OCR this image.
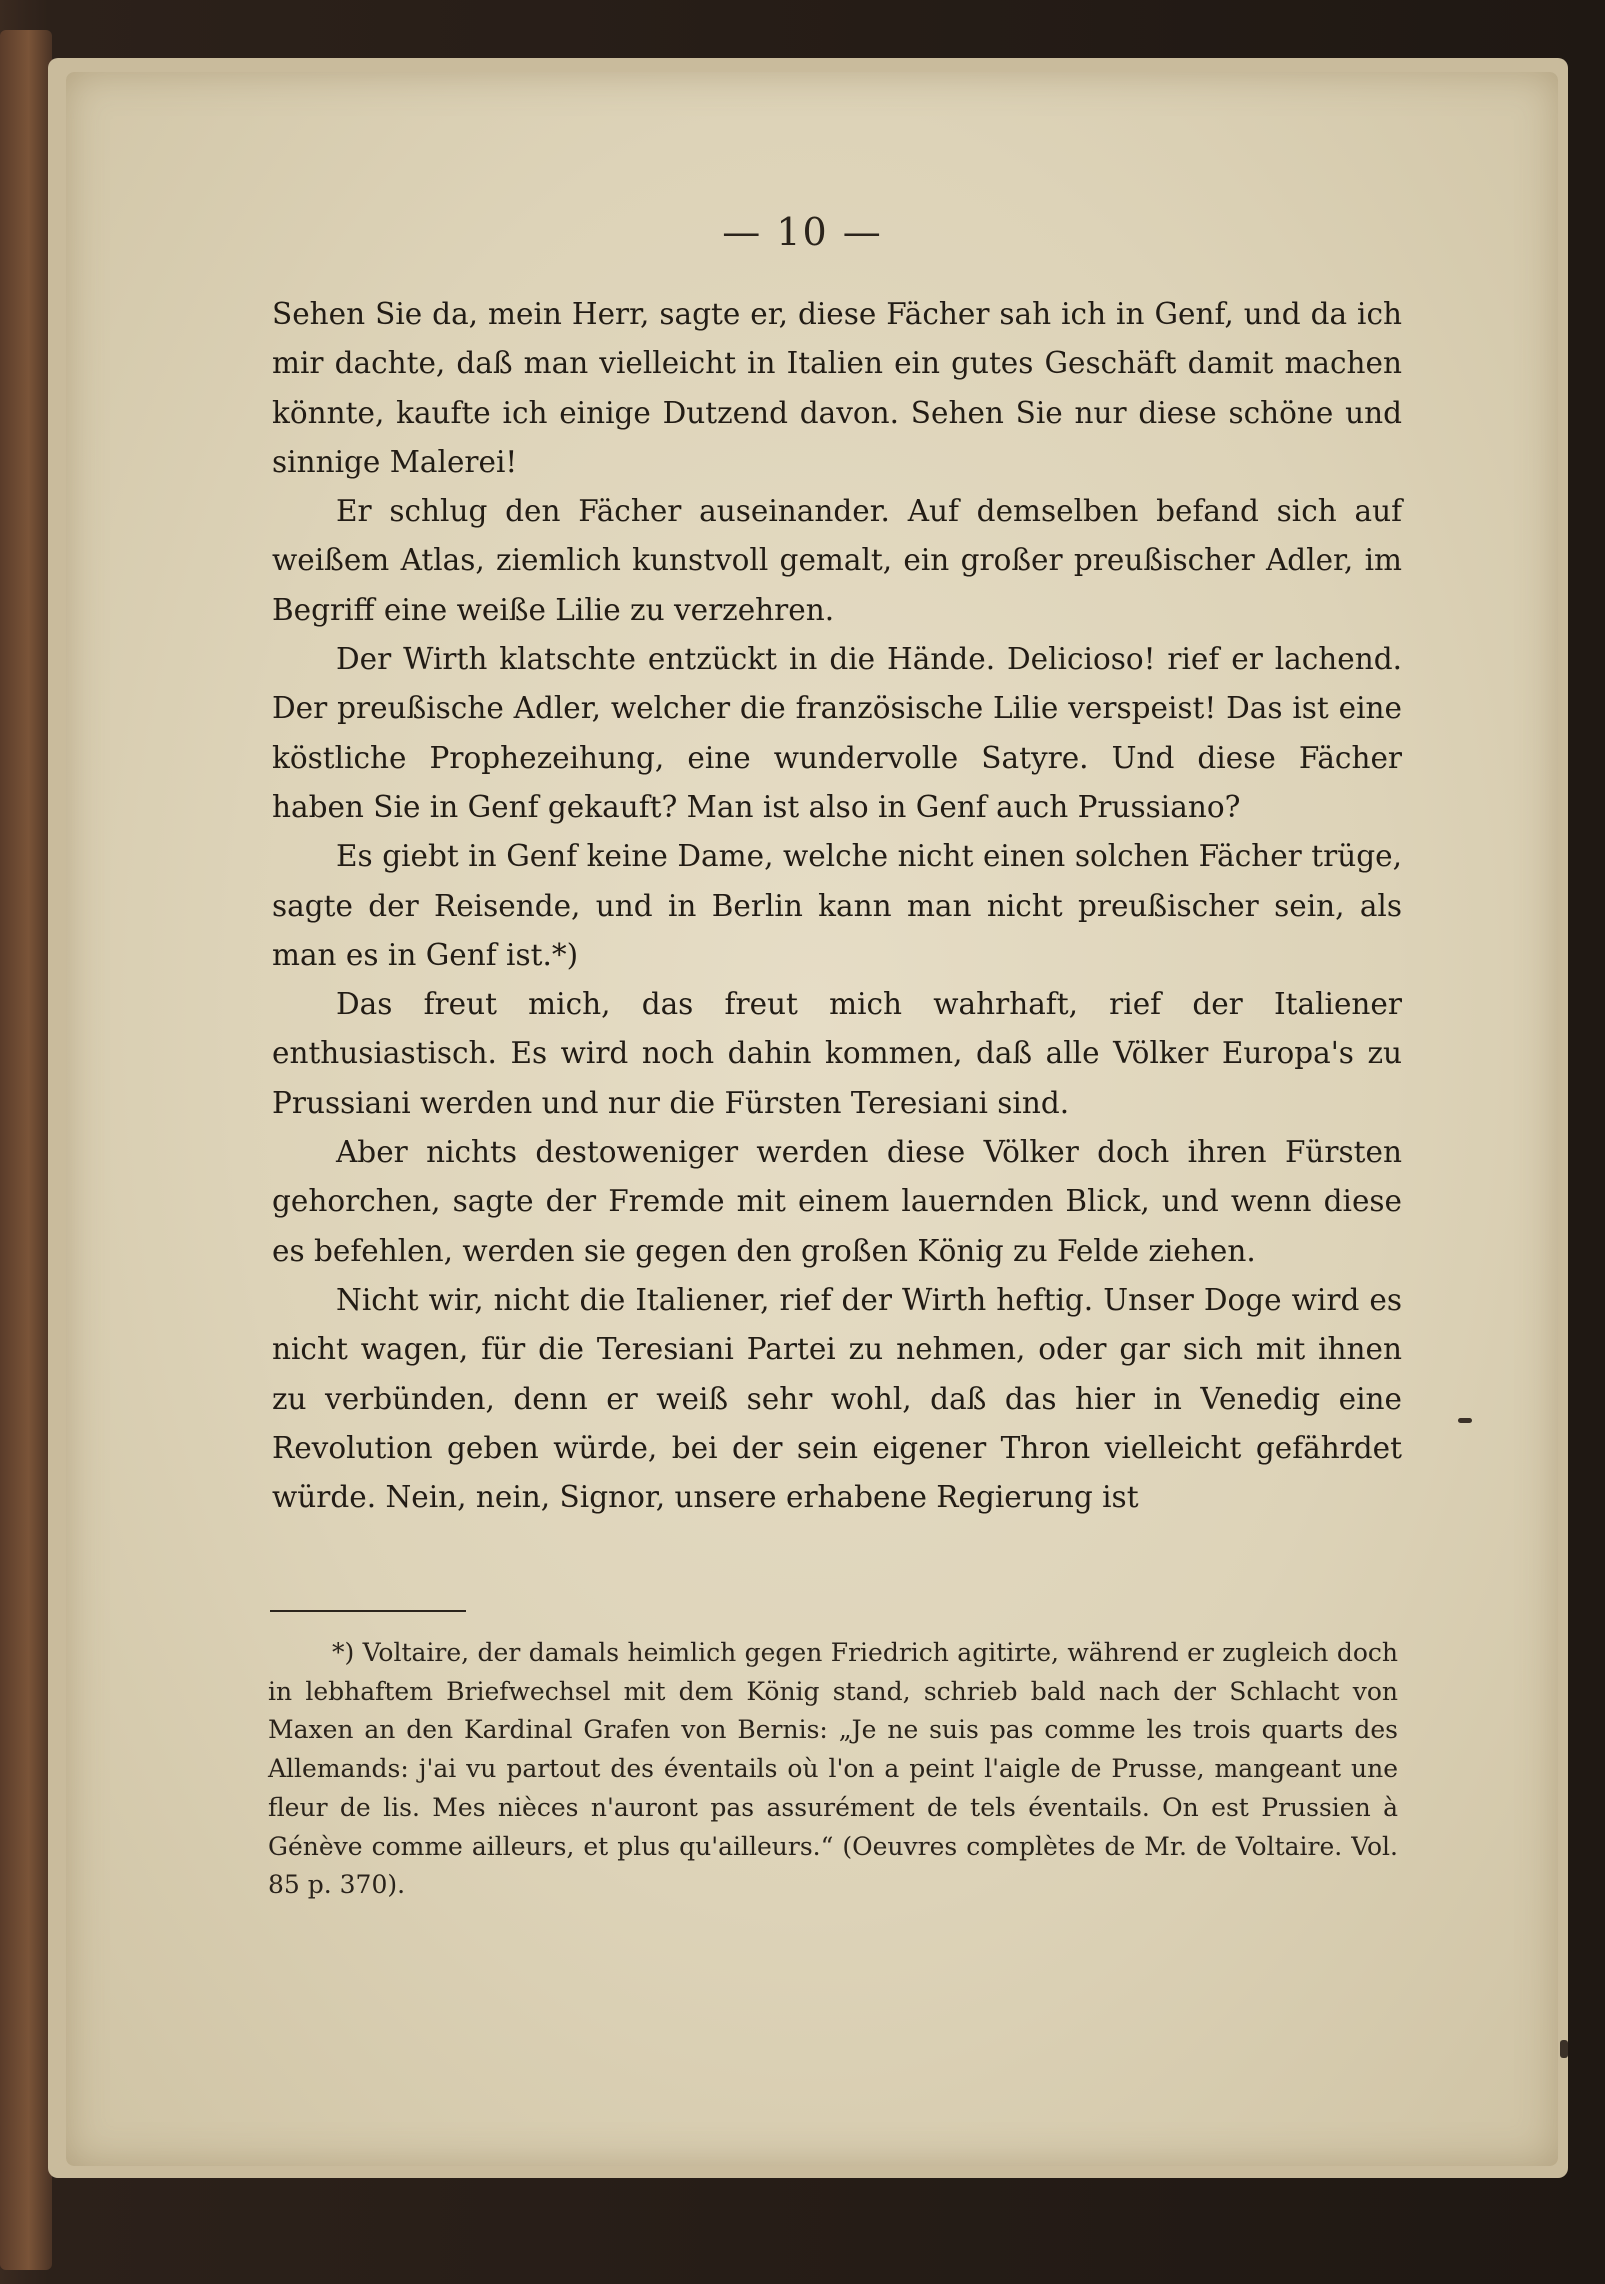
— 10 —

Sehen Sie da, mein Herr, sagte er, diese Fächer sah ich in Genf, und da ich mir dachte, daß man vielleicht in Italien ein gutes Geschäft damit machen könnte, kaufte ich einige Dutzend davon. Sehen Sie nur diese schöne und sinnige Malerei!

Er schlug den Fächer auseinander. Auf demselben befand sich auf weißem Atlas, ziemlich kunstvoll gemalt, ein großer preußischer Adler, im Begriff eine weiße Lilie zu verzehren.

Der Wirth klatschte entzückt in die Hände. Delicioso! rief er lachend. Der preußische Adler, welcher die französische Lilie verspeist! Das ist eine köstliche Prophezeihung, eine wundervolle Satyre. Und diese Fächer haben Sie in Genf gekauft? Man ist also in Genf auch Prussiano?

Es giebt in Genf keine Dame, welche nicht einen solchen Fächer trüge, sagte der Reisende, und in Berlin kann man nicht preußischer sein, als man es in Genf ist.*)

Das freut mich, das freut mich wahrhaft, rief der Italiener enthusiastisch. Es wird noch dahin kommen, daß alle Völker Europa's zu Prussiani werden und nur die Fürsten Teresiani sind.

Aber nichts destoweniger werden diese Völker doch ihren Fürsten gehorchen, sagte der Fremde mit einem lauernden Blick, und wenn diese es befehlen, werden sie gegen den großen König zu Felde ziehen.

Nicht wir, nicht die Italiener, rief der Wirth heftig. Unser Doge wird es nicht wagen, für die Teresiani Partei zu nehmen, oder gar sich mit ihnen zu verbünden, denn er weiß sehr wohl, daß das hier in Venedig eine Revolution geben würde, bei der sein eigener Thron vielleicht gefährdet würde. Nein, nein, Signor, unsere erhabene Regierung ist

*) Voltaire, der damals heimlich gegen Friedrich agitirte, während er zugleich doch in lebhaftem Briefwechsel mit dem König stand, schrieb bald nach der Schlacht von Maxen an den Kardinal Grafen von Bernis: „Je ne suis pas comme les trois quarts des Allemands: j'ai vu partout des éventails où l'on a peint l'aigle de Prusse, mangeant une fleur de lis. Mes nièces n'auront pas assurément de tels éventails. On est Prussien à Génève comme ailleurs, et plus qu'ailleurs.“ (Oeuvres complètes de Mr. de Voltaire. Vol. 85 p. 370).
